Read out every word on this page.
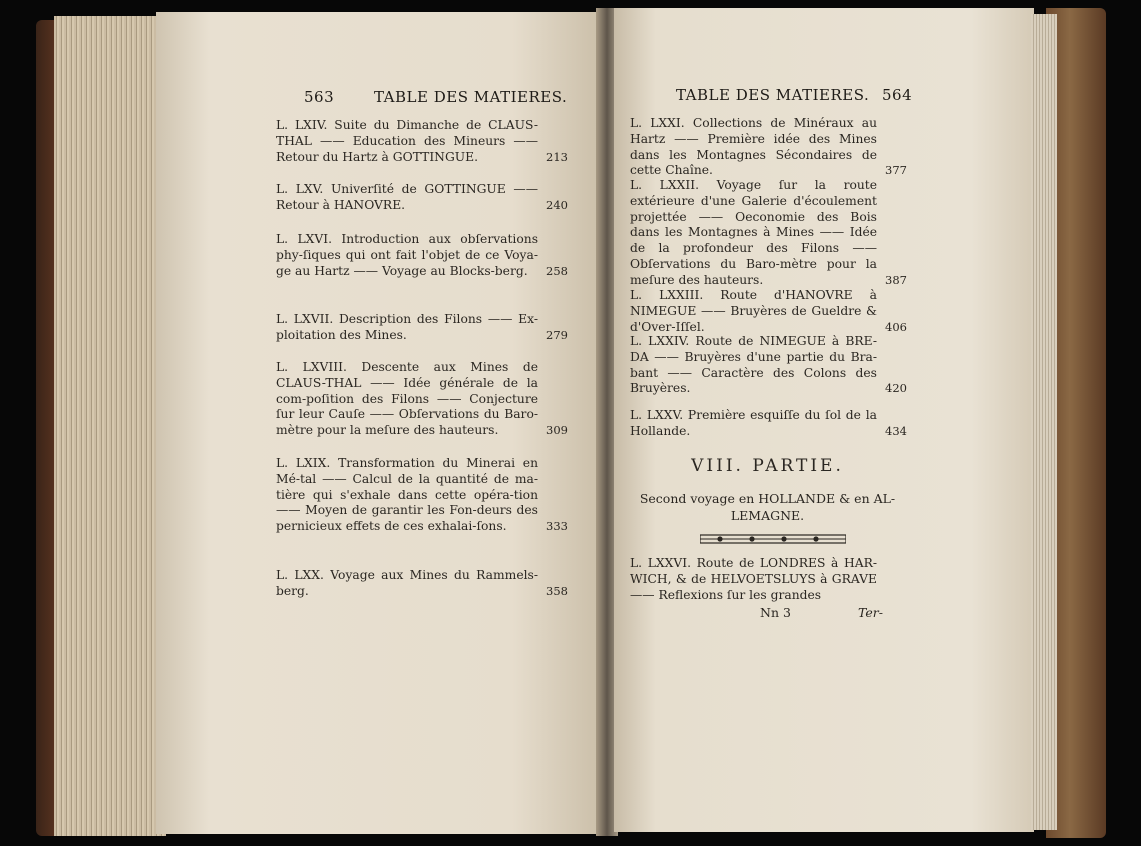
563	TABLE DES MATIERES.
L. LXIV. Suite du Dimanche de CLAUS-THAL —— Education des Mineurs —— Retour du Hartz à GOTTINGUE.	213
L. LXV. Univerſité de GOTTINGUE —— Retour à HANOVRE.	240
L. LXVI. Introduction aux obſervations phy-ſiques qui ont fait l'objet de ce Voya-ge au Hartz —— Voyage au Blocks-berg.	258
L. LXVII. Description des Filons —— Ex-ploitation des Mines.	279
L. LXVIII. Descente aux Mines de CLAUS-THAL —— Idée générale de la com-poſition des Filons —— Conjecture ſur leur Cauſe —— Obſervations du Baro-mètre pour la meſure des hauteurs.	309
L. LXIX. Transformation du Minerai en Mé-tal —— Calcul de la quantité de ma-tière qui s'exhale dans cette opéra-tion —— Moyen de garantir les Fon-deurs des pernicieux effets de ces exhalai-ſons.	333
L. LXX. Voyage aux Mines du Rammels-berg.	358
TABLE DES MATIERES. 564
L. LXXI. Collections de Minéraux au Hartz —— Première idée des Mines dans les Montagnes Sécondaires de cette Chaîne.	377
L. LXXII. Voyage ſur la route extérieure d'une Galerie d'écoulement projettée —— Oeconomie des Bois dans les Montagnes à Mines —— Idée de la profondeur des Filons —— Obſervations du Baro-mètre pour la meſure des hauteurs.	387
L. LXXIII. Route d'HANOVRE à NIMEGUE —— Bruyères de Gueldre & d'Over-Iſſel.	406
L. LXXIV. Route de NIMEGUE à BRE-DA —— Bruyères d'une partie du Bra-bant —— Caractère des Colons des Bruyères.	420
L. LXXV. Première esquiſſe du ſol de la Hollande.	434
VIII. PARTIE.
Second voyage en HOLLANDE & en AL-LEMAGNE.
L. LXXVI. Route de LONDRES à HAR-WICH, & de HELVOETSLUYS à GRAVE —— Reflexions ſur les grandes
Nn 3	Ter-
